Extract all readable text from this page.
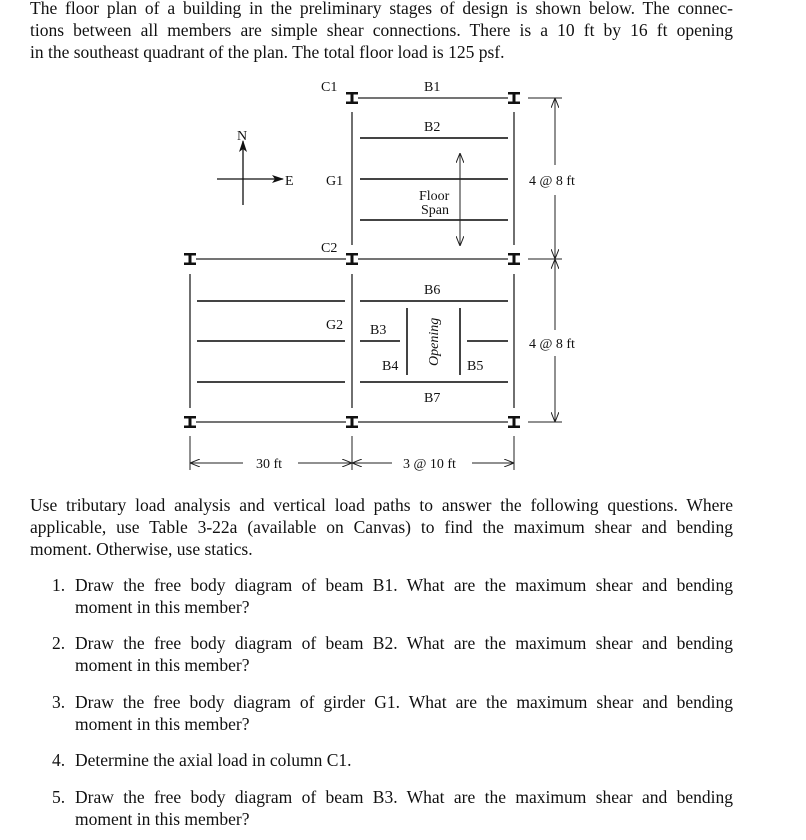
The floor plan of a building in the preliminary stages of design is shown below. The connec-
tions between all members are simple shear connections. There is a 10 ft by 16 ft opening
in the southeast quadrant of the plan. The total floor load is 125 psf.
N
E
C1	B1
B2
G1
Floor
Span
C2
B6
G2 B3
B4	B5
B7
Opening
4 @ 8 ft
4 @ 8 ft
30 ft	3 @ 10 ft
Use tributary load analysis and vertical load paths to answer the following questions. Where
applicable, use Table 3-22a (available on Canvas) to find the maximum shear and bending
moment. Otherwise, use statics.
1. Draw the free body diagram of beam B1. What are the maximum shear and bending
moment in this member?
2. Draw the free body diagram of beam B2. What are the maximum shear and bending
moment in this member?
3. Draw the free body diagram of girder G1. What are the maximum shear and bending
moment in this member?
4. Determine the axial load in column C1.
5. Draw the free body diagram of beam B3. What are the maximum shear and bending
moment in this member?
